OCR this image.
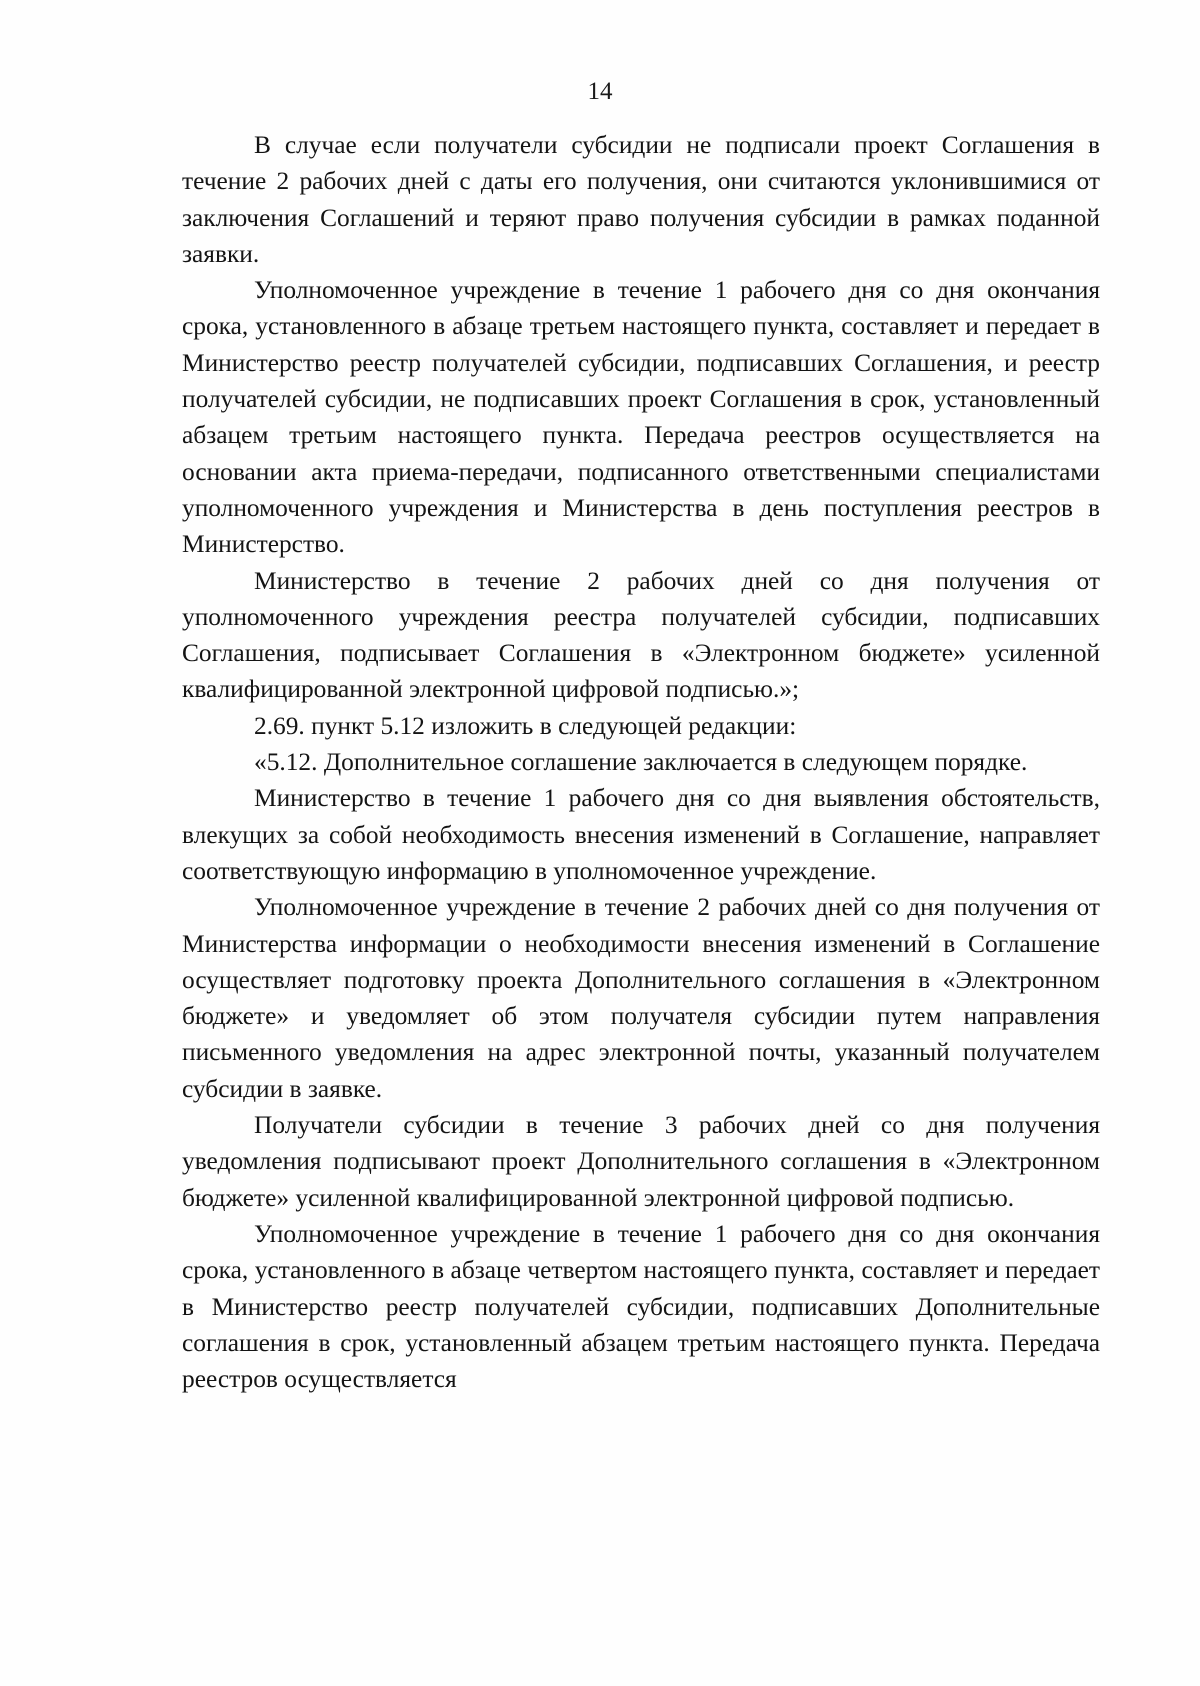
14

В случае если получатели субсидии не подписали проект Соглашения в течение 2 рабочих дней с даты его получения, они считаются уклонившимися от заключения Соглашений и теряют право получения субсидии в рамках поданной заявки.

Уполномоченное учреждение в течение 1 рабочего дня со дня окончания срока, установленного в абзаце третьем настоящего пункта, составляет и передает в Министерство реестр получателей субсидии, подписавших Соглашения, и реестр получателей субсидии, не подписавших проект Соглашения в срок, установленный абзацем третьим настоящего пункта. Передача реестров осуществляется на основании акта приема-передачи, подписанного ответственными специалистами уполномоченного учреждения и Министерства в день поступления реестров в Министерство.

Министерство в течение 2 рабочих дней со дня получения от уполномоченного учреждения реестра получателей субсидии, подписавших Соглашения, подписывает Соглашения в «Электронном бюджете» усиленной квалифицированной электронной цифровой подписью.»;

2.69. пункт 5.12 изложить в следующей редакции:

«5.12. Дополнительное соглашение заключается в следующем порядке.

Министерство в течение 1 рабочего дня со дня выявления обстоятельств, влекущих за собой необходимость внесения изменений в Соглашение, направляет соответствующую информацию в уполномоченное учреждение.

Уполномоченное учреждение в течение 2 рабочих дней со дня получения от Министерства информации о необходимости внесения изменений в Соглашение осуществляет подготовку проекта Дополнительного соглашения в «Электронном бюджете» и уведомляет об этом получателя субсидии путем направления письменного уведомления на адрес электронной почты, указанный получателем субсидии в заявке.

Получатели субсидии в течение 3 рабочих дней со дня получения уведомления подписывают проект Дополнительного соглашения в «Электронном бюджете» усиленной квалифицированной электронной цифровой подписью.

Уполномоченное учреждение в течение 1 рабочего дня со дня окончания срока, установленного в абзаце четвертом настоящего пункта, составляет и передает в Министерство реестр получателей субсидии, подписавших Дополнительные соглашения в срок, установленный абзацем третьим настоящего пункта. Передача реестров осуществляется
